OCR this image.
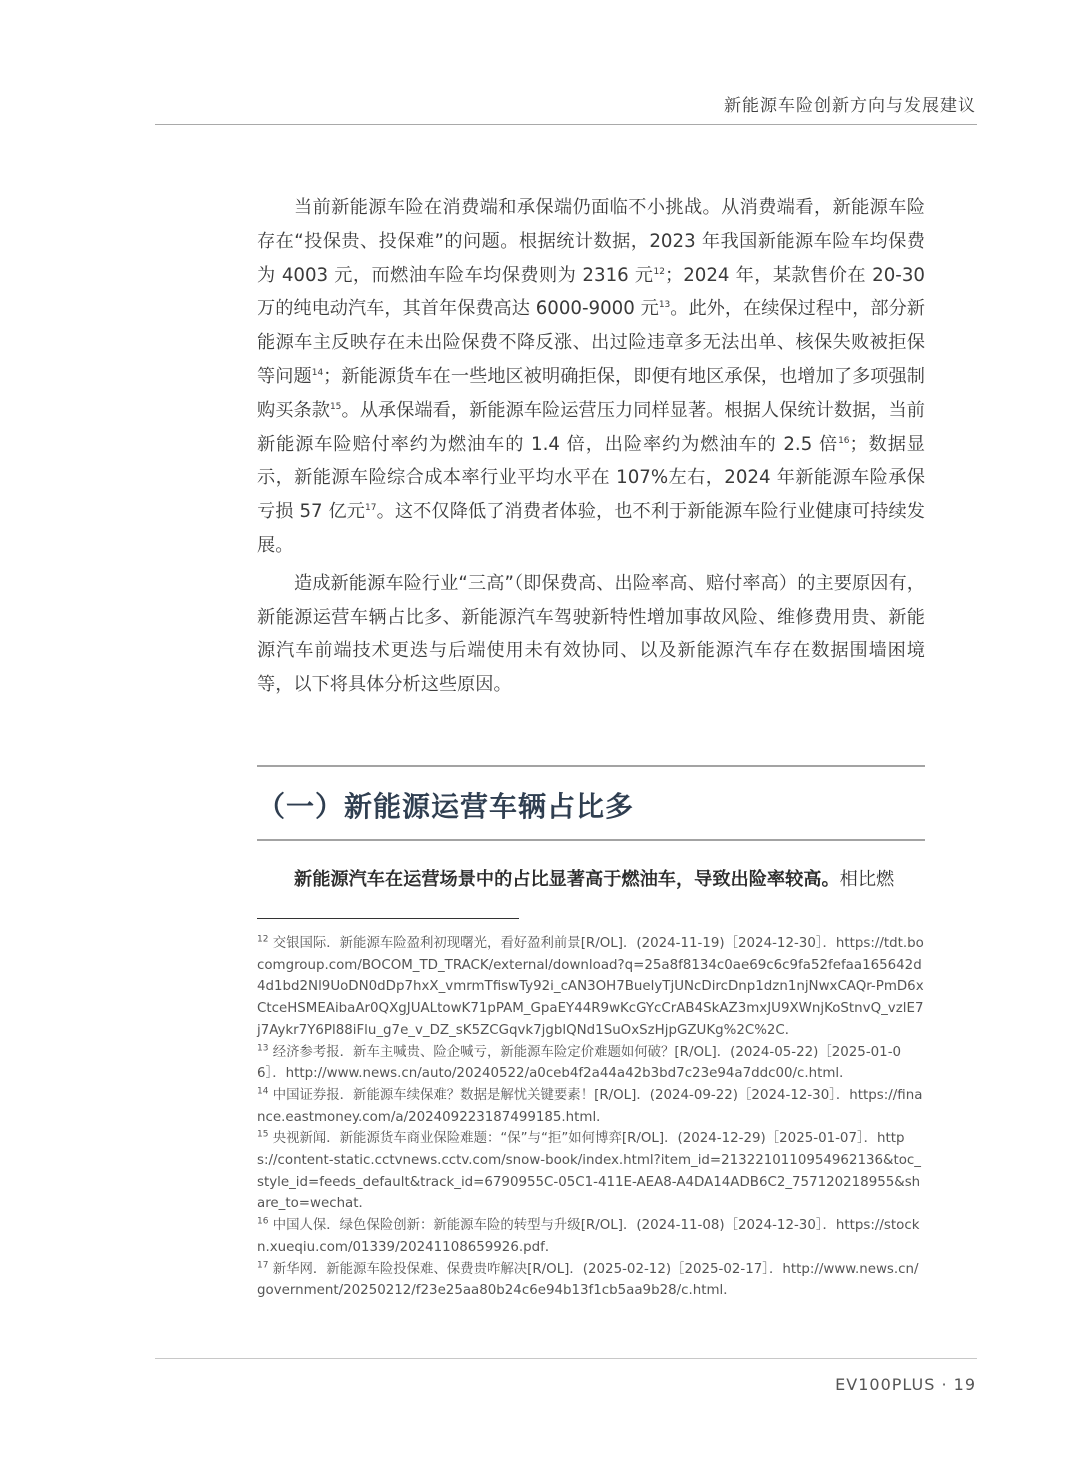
新能源车险创新方向与发展建议

当前新能源车险在消费端和承保端仍面临不小挑战。从消费端看，新能源车险存在“投保贵、投保难”的问题。根据统计数据，2023 年我国新能源车险车均保费为 4003 元，而燃油车险车均保费则为 2316 元$^{12}$；2024 年，某款售价在 20-30 万的纯电动汽车，其首年保费高达 6000-9000 元$^{13}$。此外，在续保过程中，部分新能源车主反映存在未出险保费不降反涨、出过险违章多无法出单、核保失败被拒保等问题$^{14}$；新能源货车在一些地区被明确拒保，即便有地区承保，也增加了多项强制购买条款$^{15}$。从承保端看，新能源车险运营压力同样显著。根据人保统计数据，当前新能源车险赔付率约为燃油车的 1.4 倍，出险率约为燃油车的 2.5 倍$^{16}$；数据显示，新能源车险综合成本率行业平均水平在 107%左右，2024 年新能源车险承保亏损 57 亿元$^{17}$。这不仅降低了消费者体验，也不利于新能源车险行业健康可持续发展。

造成新能源车险行业“三高”（即保费高、出险率高、赔付率高）的主要原因有，新能源运营车辆占比多、新能源汽车驾驶新特性增加事故风险、维修费用贵、新能源汽车前端技术更迭与后端使用未有效协同、以及新能源汽车存在数据围墙困境等，以下将具体分析这些原因。

（一）新能源运营车辆占比多
新能源汽车在运营场景中的占比显著高于燃油车，导致出险率较高。相比燃

$^{12}$ 交银国际．新能源车险盈利初现曙光，看好盈利前景[R/OL]．(2024-11-19)［2024-12-30］．https://tdt.bocomgroup.com/BOCOM_TD_TRACK/external/download?q=25a8f8134c0ae69c6c9fa52fefaa165642d4d1bd2Nl9UoDN0dDp7hxX_vmrmTfiswTy92i_cAN3OH7BuelyTjUNcDircDnp1dzn1njNwxCAQr-PmD6xCtceHSMEAibaAr0QXgJUALtowK71pPAM_GpaEY44R9wKcGYcCrAB4SkAZ3mxJU9XWnjKoStnvQ_vzlE7j7Aykr7Y6Pl88iFlu_g7e_v_DZ_sK5ZCGqvk7jgblQNd1SuOxSzHjpGZUKg%2C%2C．

$^{13}$ 经济参考报．新车主喊贵、险企喊亏，新能源车险定价难题如何破？[R/OL]．(2024-05-22)［2025-01-06］．http://www.news.cn/auto/20240522/a0ceb4f2a44a42b3bd7c23e94a7ddc00/c.html．

$^{14}$ 中国证券报．新能源车续保难？数据是解忧关键要素！[R/OL]．(2024-09-22)［2024-12-30］．https://finance.eastmoney.com/a/202409223187499185.html．

$^{15}$ 央视新闻．新能源货车商业保险难题：“保”与“拒”如何博弈[R/OL]．(2024-12-29)［2025-01-07］．https://content-static.cctvnews.cctv.com/snow-book/index.html?item_id=2132210110954962136&toc_style_id=feeds_default&track_id=6790955C-05C1-411E-AEA8-A4DA14ADB6C2_757120218955&share_to=wechat．

$^{16}$ 中国人保．绿色保险创新：新能源车险的转型与升级[R/OL]．(2024-11-08)［2024-12-30］．https://stockn.xueqiu.com/01339/20241108659926.pdf．

$^{17}$ 新华网．新能源车险投保难、保费贵咋解决[R/OL]．(2025-02-12)［2025-02-17］．http://www.news.cn/government/20250212/f23e25aa80b24c6e94b13f1cb5aa9b28/c.html．

EV100PLUS · 19
